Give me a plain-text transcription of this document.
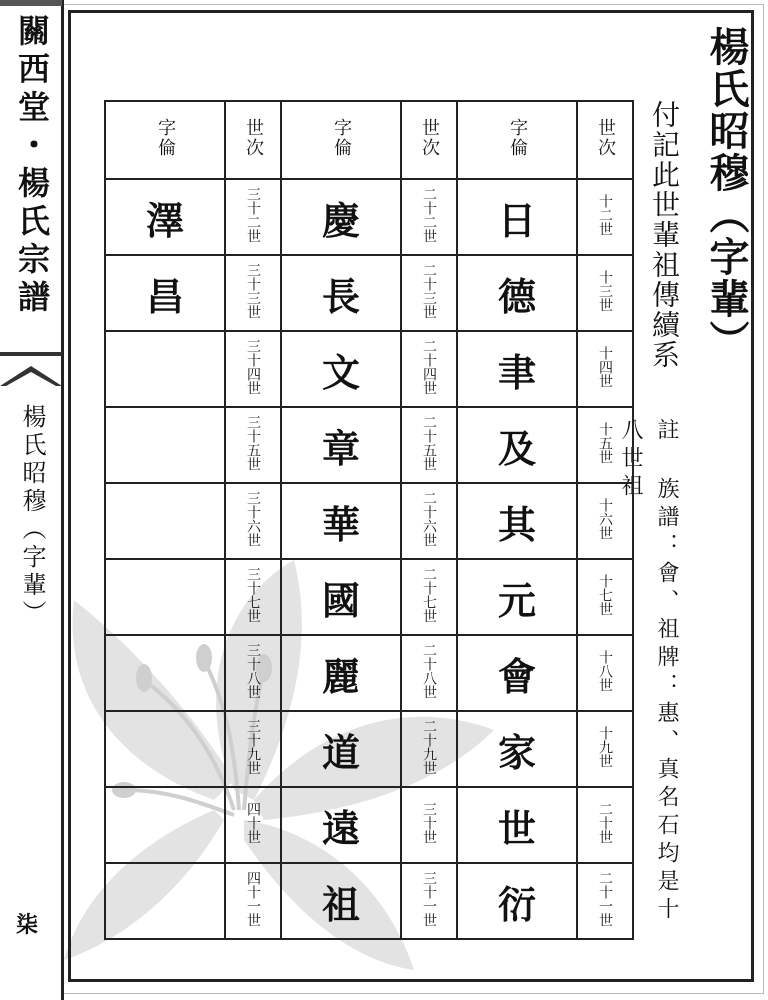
關西堂・楊氏宗譜
楊氏昭穆（字輩）
柒
楊氏昭穆（字輩）
付記此世輩祖傳續系
註 族譜：會、祖牌：惠、真名石均是十八世祖
字倫	世次	字倫	世次	字倫	世次
澤	三十二世	慶	二十二世	日	十二世
昌	三十三世	長	二十三世	德	十三世
	三十四世	文	二十四世	聿	十四世
	三十五世	章	二十五世	及	十五世
	三十六世	華	二十六世	其	十六世
	三十七世	國	二十七世	元	十七世
	三十八世	麗	二十八世	會	十八世
	三十九世	道	二十九世	家	十九世
	四十世	遠	三十世	世	二十世
	四十一世	祖	三十一世	衍	二十一世
